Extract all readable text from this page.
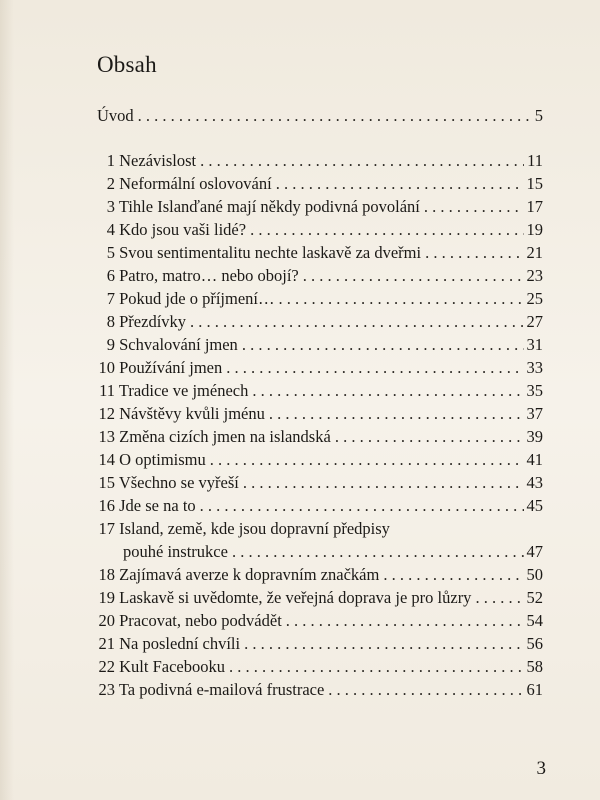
Obsah
Úvod . . .	5
1 Nezávislost . . .	11
2 Neformální oslovování . . .	15
3 Tihle Islanďané mají někdy podivná povolání . . .	17
4 Kdo jsou vaši lidé? . . .	19
5 Svou sentimentalitu nechte laskavě za dveřmi . . .	21
6 Patro, matro… nebo obojí? . . .	23
7 Pokud jde o příjmení… . . .	25
8 Přezdívky . . .	27
9 Schvalování jmen . . .	31
10 Používání jmen . . .	33
11 Tradice ve jménech . . .	35
12 Návštěvy kvůli jménu . . .	37
13 Změna cizích jmen na islandská . . .	39
14 O optimismu . . .	41
15 Všechno se vyřeší . . .	43
16 Jde se na to . . .	45
17 Island, země, kde jsou dopravní předpisy
pouhé instrukce . . .	47
18 Zajímavá averze k dopravním značkám . . .	50
19 Laskavě si uvědomte, že veřejná doprava je pro lůzry . . .	52
20 Pracovat, nebo podvádět . . .	54
21 Na poslední chvíli . . .	56
22 Kult Facebooku . . .	58
23 Ta podivná e-mailová frustrace . . .	61
3
